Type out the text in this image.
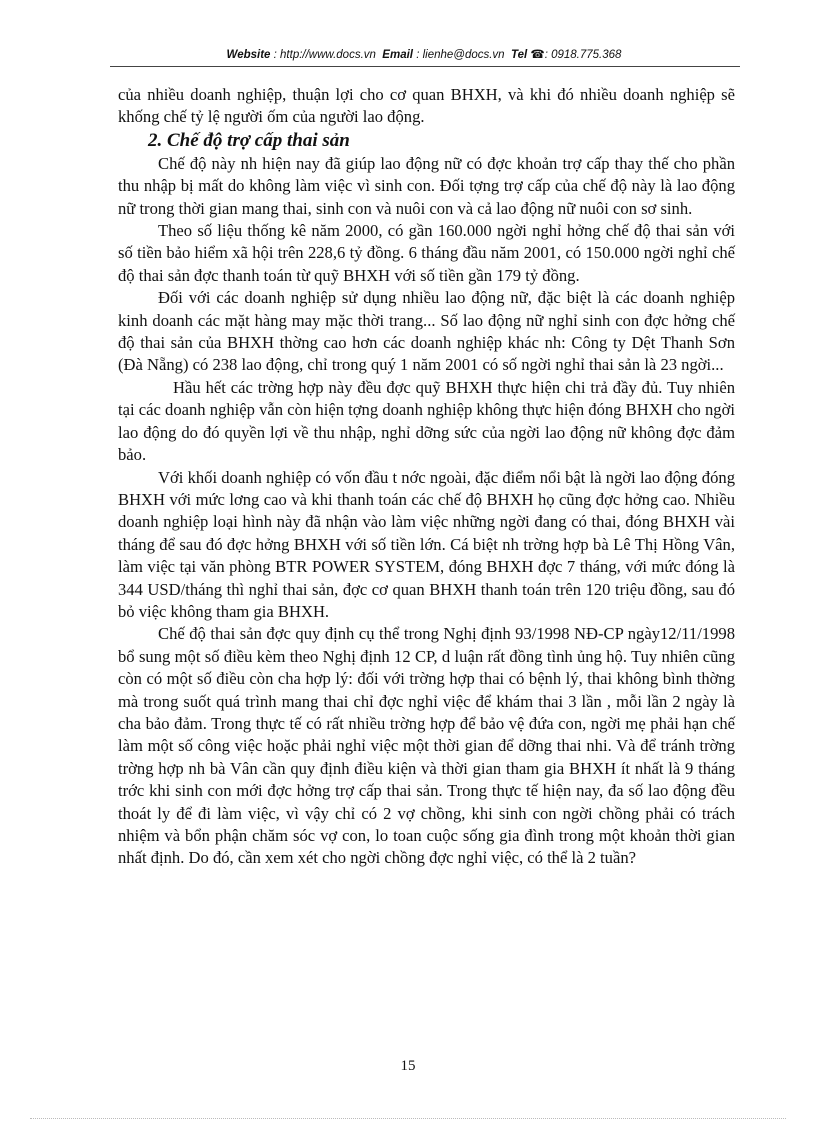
Website : http://www.docs.vn Email : lienhe@docs.vn Tel ☎: 0918.775.368

của nhiều doanh nghiệp, thuận lợi cho cơ quan BHXH, và khi đó nhiều doanh nghiệp sẽ khống chế tỷ lệ người ốm của người lao động.

2. Chế độ trợ cấp thai sản

Chế độ này nh hiện nay đã giúp lao động nữ có đợc khoản trợ cấp thay thế cho phần thu nhập bị mất do không làm việc vì sinh con. Đối tợng trợ cấp của chế độ này là lao động nữ trong thời gian mang thai, sinh con và nuôi con và cả lao động nữ nuôi con sơ sinh.

Theo số liệu thống kê năm 2000, có gần 160.000 ngời nghỉ hởng chế độ thai sản với số tiền bảo hiểm xã hội trên 228,6 tỷ đồng. 6 tháng đầu năm 2001, có 150.000 ngời nghỉ chế độ thai sản đợc thanh toán từ quỹ BHXH với số tiền gần 179 tỷ đồng.

Đối với các doanh nghiệp sử dụng nhiều lao động nữ, đặc biệt là các doanh nghiệp kinh doanh các mặt hàng may mặc thời trang... Số lao động nữ nghỉ sinh con đợc hởng chế độ thai sản của BHXH thờng cao hơn các doanh nghiệp khác nh: Công ty Dệt Thanh Sơn (Đà Nẵng) có 238 lao động, chỉ trong quý 1 năm 2001 có số ngời nghỉ thai sản là 23 ngời...

Hầu hết các trờng hợp này đều đợc quỹ BHXH thực hiện chi trả đầy đủ. Tuy nhiên tại các doanh nghiệp vẫn còn hiện tợng doanh nghiệp không thực hiện đóng BHXH cho ngời lao động do đó quyền lợi về thu nhập, nghỉ dỡng sức của ngời lao động nữ không đợc đảm bảo.

Với khối doanh nghiệp có vốn đầu t nớc ngoài, đặc điểm nổi bật là ngời lao động đóng BHXH với mức lơng cao và khi thanh toán các chế độ BHXH họ cũng đợc hởng cao. Nhiều doanh nghiệp loại hình này đã nhận vào làm việc những ngời đang có thai, đóng BHXH vài tháng để sau đó đợc hởng BHXH với số tiền lớn. Cá biệt nh trờng hợp bà Lê Thị Hồng Vân, làm việc tại văn phòng BTR POWER SYSTEM, đóng BHXH đợc 7 tháng, với mức đóng là 344 USD/tháng thì nghỉ thai sản, đợc cơ quan BHXH thanh toán trên 120 triệu đồng, sau đó bỏ việc không tham gia BHXH.

Chế độ thai sản đợc quy định cụ thể trong Nghị định 93/1998 NĐ-CP ngày12/11/1998 bổ sung một số điều kèm theo Nghị định 12 CP, d luận rất đồng tình ủng hộ. Tuy nhiên cũng còn có một số điều còn cha hợp lý: đối với trờng hợp thai có bệnh lý, thai không bình thờng mà trong suốt quá trình mang thai chỉ đợc nghỉ việc để khám thai 3 lần , mỗi lần 2 ngày là cha bảo đảm. Trong thực tế có rất nhiều trờng hợp để bảo vệ đứa con, ngời mẹ phải hạn chế làm một số công việc hoặc phải nghỉ việc một thời gian để dỡng thai nhi. Và để tránh trờng trờng hợp nh bà Vân cần quy định điều kiện và thời gian tham gia BHXH ít nhất là 9 tháng trớc khi sinh con mới đợc hởng trợ cấp thai sản. Trong thực tế hiện nay, đa số lao động đều thoát ly để đi làm việc, vì vậy chỉ có 2 vợ chồng, khi sinh con ngời chồng phải có trách nhiệm và bổn phận chăm sóc vợ con, lo toan cuộc sống gia đình trong một khoản thời gian nhất định. Do đó, cần xem xét cho ngời chồng đợc nghỉ việc, có thể là 2 tuần?

15
